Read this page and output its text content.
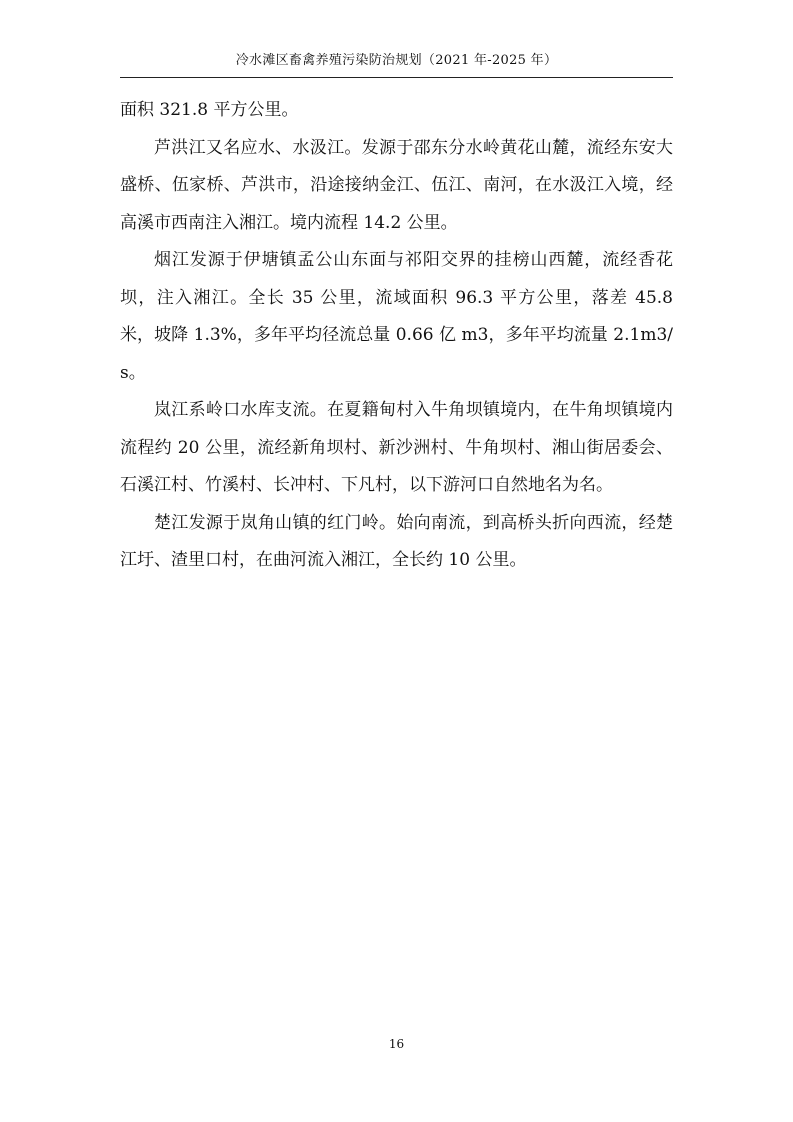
冷水滩区畜禽养殖污染防治规划（2021 年-2025 年）

面积 321.8 平方公里。

芦洪江又名应水、水汲江。发源于邵东分水岭黄花山麓，流经东安大盛桥、伍家桥、芦洪市，沿途接纳金江、伍江、南河，在水汲江入境，经高溪市西南注入湘江。境内流程 14.2 公里。

烟江发源于伊塘镇孟公山东面与祁阳交界的挂榜山西麓，流经香花坝，注入湘江。全长 35 公里，流域面积 96.3 平方公里，落差 45.8 米，坡降 1.3%，多年平均径流总量 0.66 亿 m3，多年平均流量 2.1m3/s。

岚江系岭口水库支流。在夏籍甸村入牛角坝镇境内，在牛角坝镇境内流程约 20 公里，流经新角坝村、新沙洲村、牛角坝村、湘山街居委会、石溪江村、竹溪村、长冲村、下凡村，以下游河口自然地名为名。

楚江发源于岚角山镇的红门岭。始向南流，到高桥头折向西流，经楚江圩、渣里口村，在曲河流入湘江，全长约 10 公里。

16
